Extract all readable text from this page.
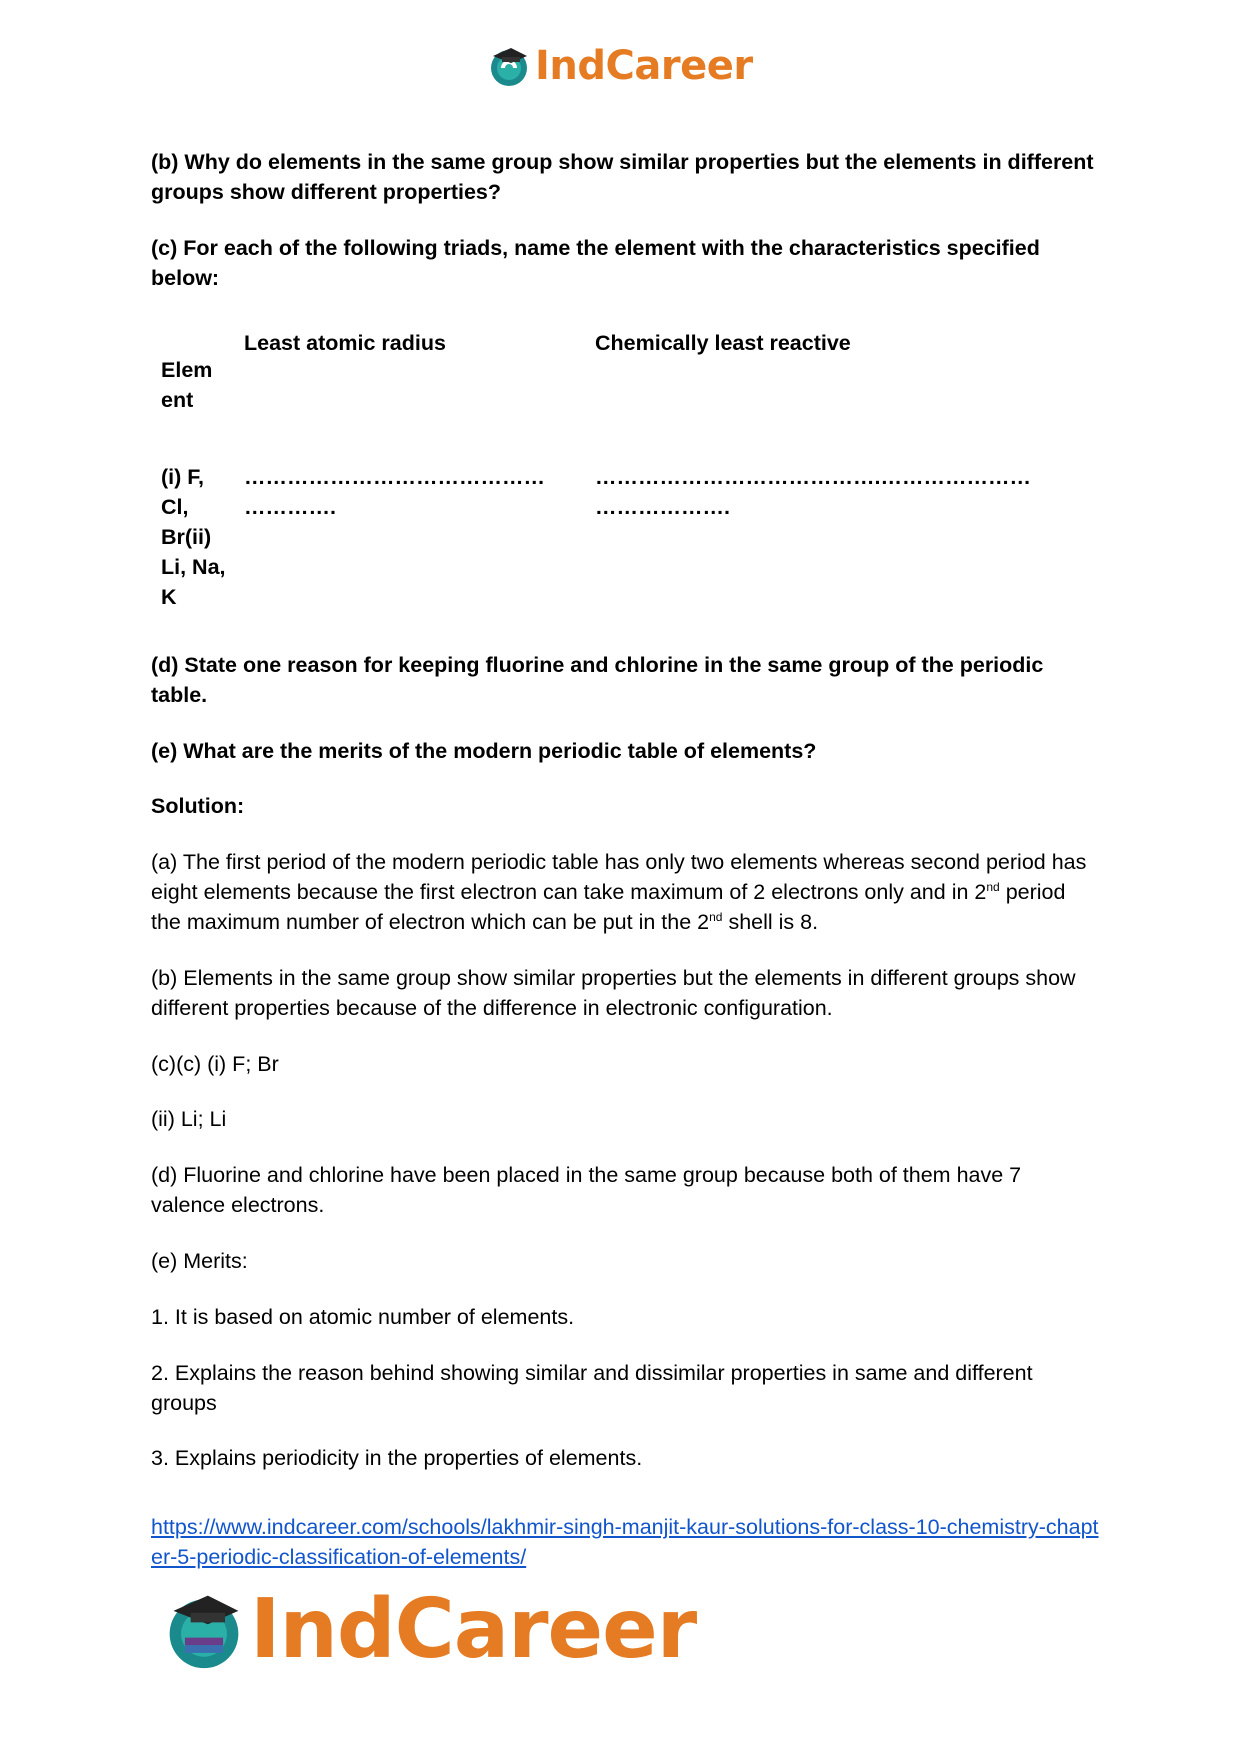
IndCareer

(b) Why do elements in the same group show similar properties but the elements in different groups show different properties?

(c) For each of the following triads, name the element with the characteristics specified below:

Elem ent
Least atomic radius	Chemically least reactive
(i) F, Cl, Br(ii) Li, Na, K
……………………………………
………….
………………………………….…………………
……………….

(d) State one reason for keeping fluorine and chlorine in the same group of the periodic table.

(e) What are the merits of the modern periodic table of elements?

Solution:

(a) The first period of the modern periodic table has only two elements whereas second period has eight elements because the first electron can take maximum of 2 electrons only and in 2nd period the maximum number of electron which can be put in the 2nd shell is 8.

(b) Elements in the same group show similar properties but the elements in different groups show different properties because of the difference in electronic configuration.

(c)(c) (i) F; Br

(ii) Li; Li

(d) Fluorine and chlorine have been placed in the same group because both of them have 7 valence electrons.

(e) Merits:

1. It is based on atomic number of elements.

2. Explains the reason behind showing similar and dissimilar properties in same and different groups

3. Explains periodicity in the properties of elements.

https://www.indcareer.com/schools/lakhmir-singh-manjit-kaur-solutions-for-class-10-chemistry-chapter-5-periodic-classification-of-elements/
IndCareer
